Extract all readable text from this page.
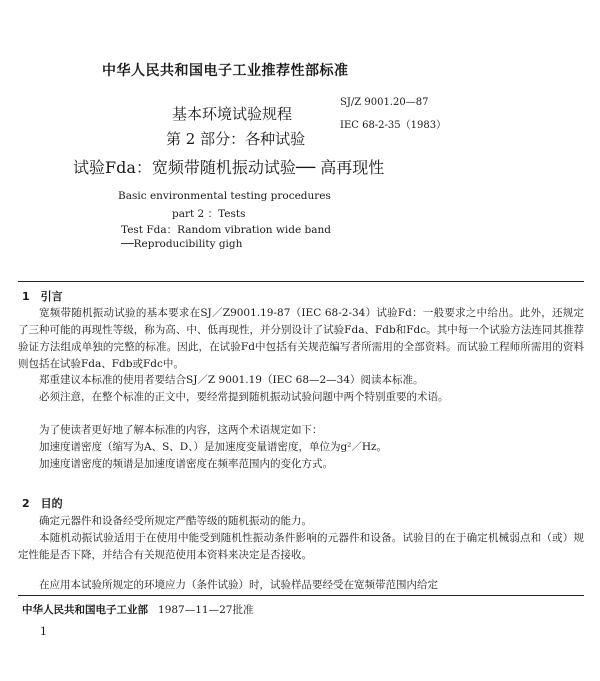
中华人民共和国电子工业推荐性部标准
SJ/Z 9001.20—87
IEC 68-2-35（1983）
基本环境试验规程
第 2 部分：各种试验
试验Fda：宽频带随机振动试验── 高再现性
Basic environmental testing procedures
part 2 ：Tests
Test Fda：Random vibration wide band
──Reproducibility gigh
1　引言
宽频带随机振动试验的基本要求在SJ／Z9001.19-87（IEC 68-2-34）试验Fd：一般要求之中给出。此外，还规定了三种可能的再现性等级，称为高、中、低再现性，并分别设计了试验Fda、Fdb和Fdc。其中每一个试验方法连同其推荐验证方法组成单独的完整的标准。因此，在试验Fd中包括有关规范编写者所需用的全部资料。而试验工程师所需用的资料则包括在试验Fda、Fdb或Fdc中。
郑重建议本标准的使用者要结合SJ／Z 9001.19（IEC 68—2—34）阅读本标准。
必须注意，在整个标准的正文中，要经常提到随机振动试验问题中两个特别重要的术语。
为了使读者更好地了解本标准的内容，这两个术语规定如下：
加速度谱密度（缩写为A、S、D、）是加速度变量谱密度，单位为g²／Hz。
加速度谱密度的频谱是加速度谱密度在频率范围内的变化方式。
2　目的
确定元器件和设备经受所规定严酷等级的随机振动的能力。
本随机动振试验适用于在使用中能受到随机性振动条件影响的元器件和设备。试验目的在于确定机械弱点和（或）规定性能是否下降，并结合有关规范使用本资料来决定是否接收。
在应用本试验所规定的环境应力（条件试验）时，试验样品要经受在宽频带范围内给定
中华人民共和国电子工业部 1987—11—27批准
1
